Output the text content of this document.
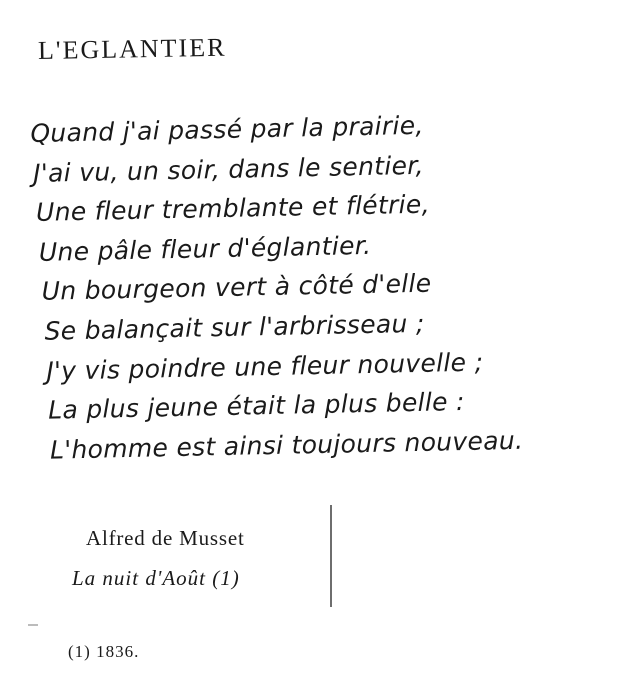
L'EGLANTIER
Quand j'ai passé par la prairie,
J'ai vu, un soir, dans le sentier,
Une fleur tremblante et flétrie,
Une pâle fleur d'églantier.
Un bourgeon vert à côté d'elle
Se balançait sur l'arbrisseau ;
J'y vis poindre une fleur nouvelle ;
La plus jeune était la plus belle :
L'homme est ainsi toujours nouveau.
Alfred de Musset
La nuit d'Août (1)
(1) 1836.
